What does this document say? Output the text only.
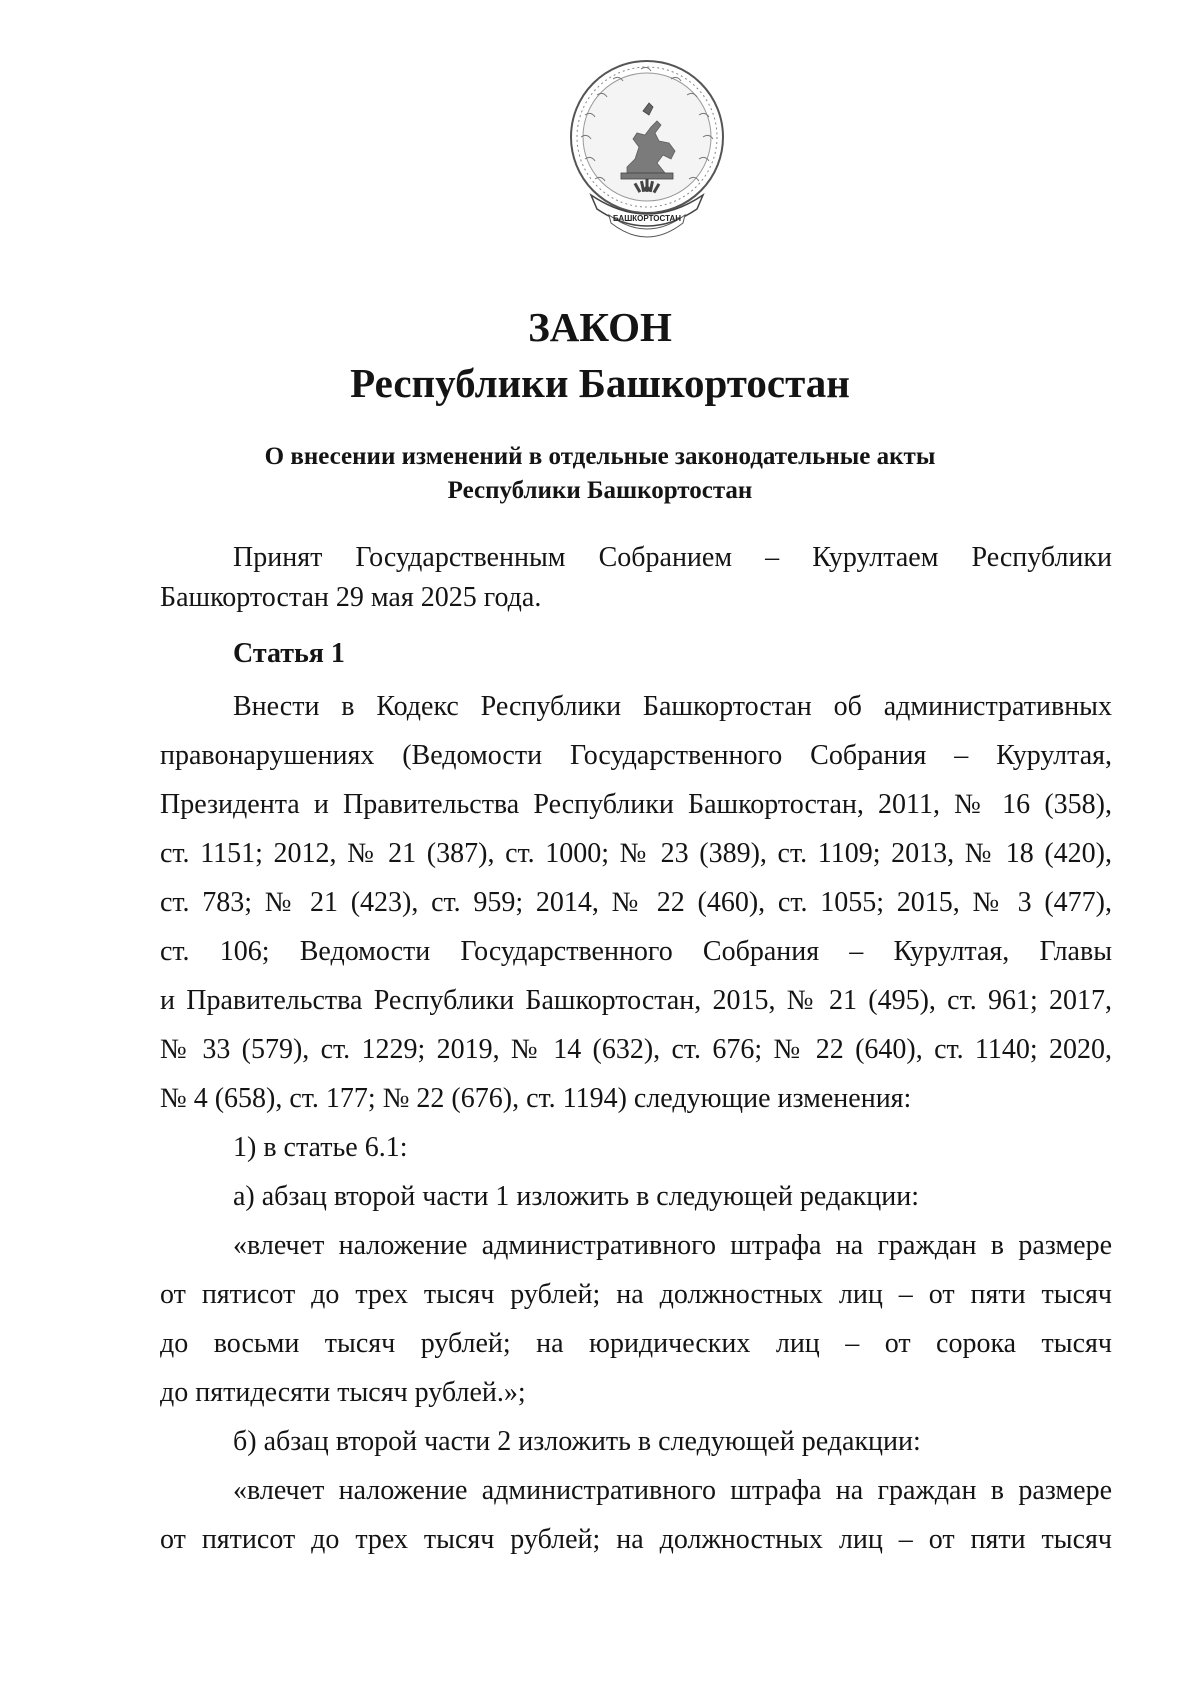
БАШКОРТОСТАН
ЗАКОН
Республики Башкортостан
О внесении изменений в отдельные законодательные акты
Республики Башкортостан
Принят Государственным Собранием – Курултаем Республики
Башкортостан 29 мая 2025 года.
Статья 1
Внести в Кодекс Республики Башкортостан об административных
правонарушениях (Ведомости Государственного Собрания – Курултая,
Президента и Правительства Республики Башкортостан, 2011, № 16 (358),
ст. 1151; 2012, № 21 (387), ст. 1000; № 23 (389), ст. 1109; 2013, № 18 (420),
ст. 783; № 21 (423), ст. 959; 2014, № 22 (460), ст. 1055; 2015, № 3 (477),
ст. 106; Ведомости Государственного Собрания – Курултая, Главы
и Правительства Республики Башкортостан, 2015, № 21 (495), ст. 961; 2017,
№ 33 (579), ст. 1229; 2019, № 14 (632), ст. 676; № 22 (640), ст. 1140; 2020,
№ 4 (658), ст. 177; № 22 (676), ст. 1194) следующие изменения:
1) в статье 6.1:
а) абзац второй части 1 изложить в следующей редакции:
«влечет наложение административного штрафа на граждан в размере
от пятисот до трех тысяч рублей; на должностных лиц – от пяти тысяч
до восьми тысяч рублей; на юридических лиц – от сорока тысяч
до пятидесяти тысяч рублей.»;
б) абзац второй части 2 изложить в следующей редакции:
«влечет наложение административного штрафа на граждан в размере
от пятисот до трех тысяч рублей; на должностных лиц – от пяти тысяч
